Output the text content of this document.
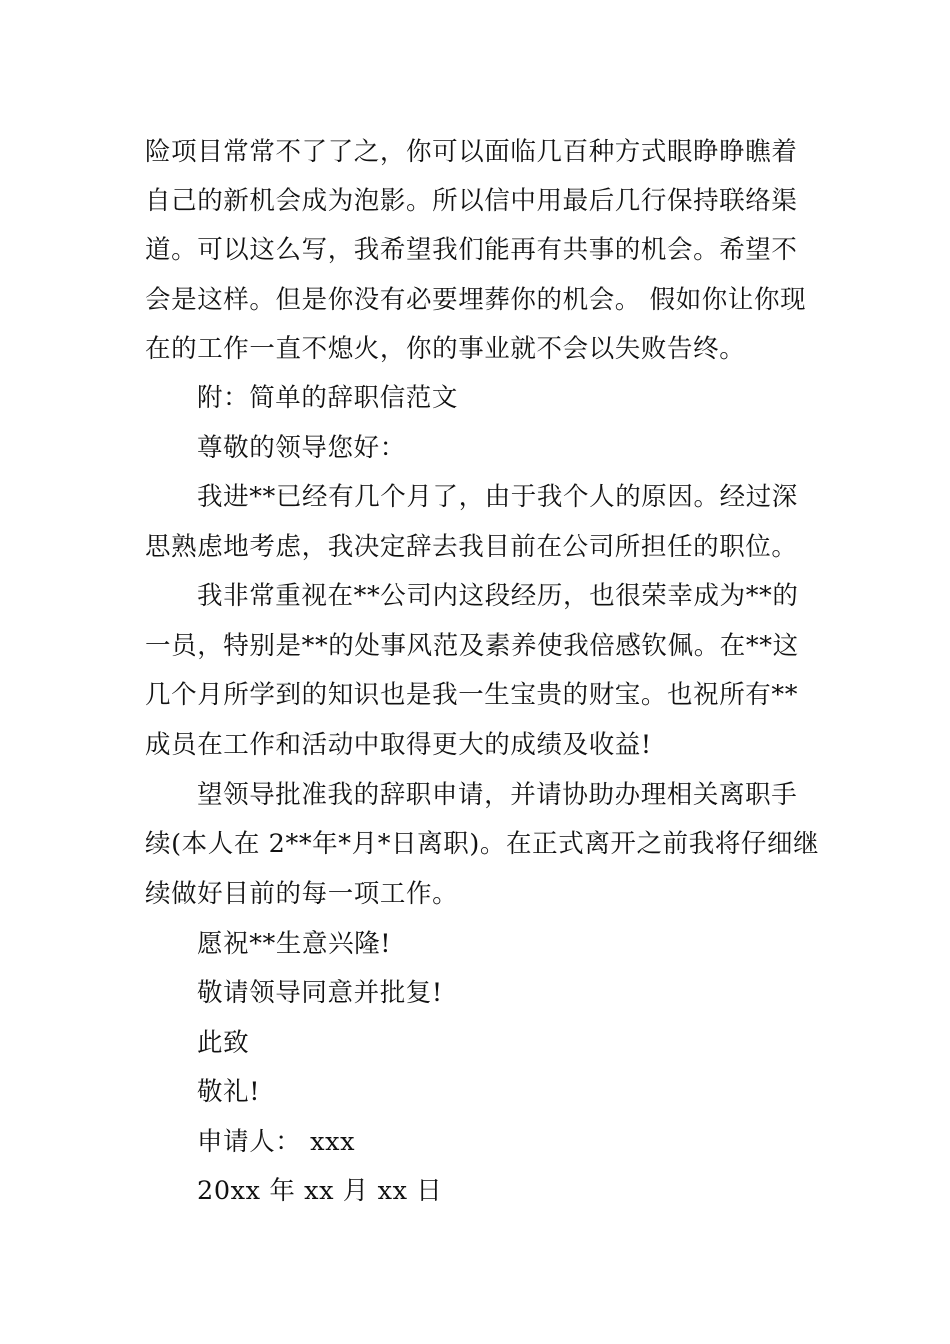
险项目常常不了了之，你可以面临几百种方式眼睁睁瞧着
自己的新机会成为泡影。所以信中用最后几行保持联络渠
道。可以这么写，我希望我们能再有共事的机会。希望不
会是这样。但是你没有必要埋葬你的机会。 假如你让你现
在的工作一直不熄火，你的事业就不会以失败告终。
附：简单的辞职信范文
尊敬的领导您好：
我进**已经有几个月了，由于我个人的原因。经过深
思熟虑地考虑，我决定辞去我目前在公司所担任的职位。
我非常重视在**公司内这段经历，也很荣幸成为**的
一员，特别是**的处事风范及素养使我倍感钦佩。在**这
几个月所学到的知识也是我一生宝贵的财宝。也祝所有**
成员在工作和活动中取得更大的成绩及收益!
望领导批准我的辞职申请，并请协助办理相关离职手
续(本人在 2**年*月*日离职)。在正式离开之前我将仔细继
续做好目前的每一项工作。
愿祝**生意兴隆!
敬请领导同意并批复!
此致
敬礼!
申请人： xxx
20xx 年 xx 月 xx 日
